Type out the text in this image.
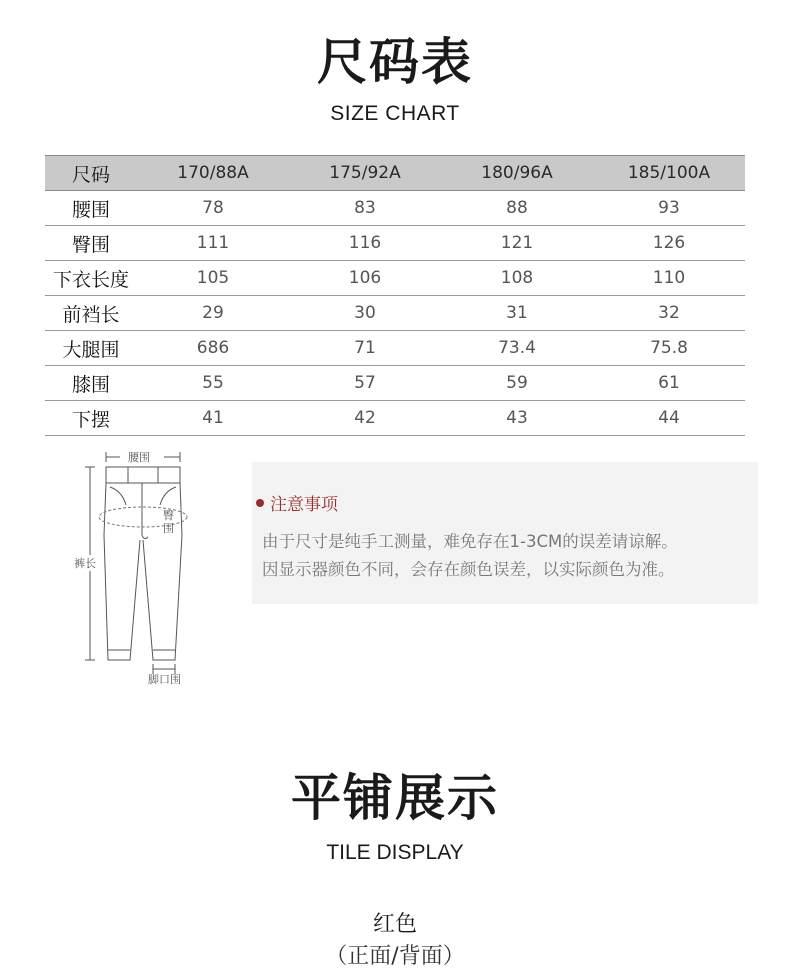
尺码表
SIZE CHART
尺码	170/88A	175/92A	180/96A	185/100A
腰围	78	83	88	93
臀围	111	116	121	126
下衣长度	105	106	108	110
前裆长	29	30	31	32
大腿围	686	71	73.4	75.8
膝围	55	57	59	61
下摆	41	42	43	44
腰围
臀围
裤长
脚口围
注意事项
由于尺寸是纯手工测量，难免存在1-3CM的误差请谅解。
因显示器颜色不同，会存在颜色误差，以实际颜色为准。
平铺展示
TILE DISPLAY
红色
（正面/背面）
